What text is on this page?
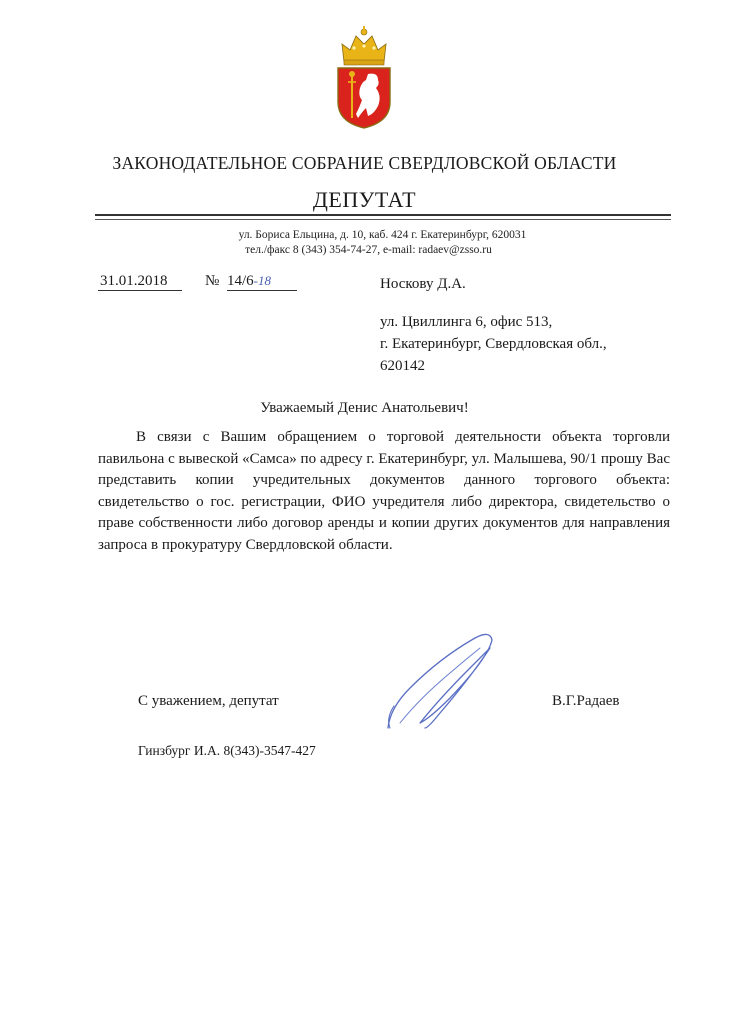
ЗАКОНОДАТЕЛЬНОЕ СОБРАНИЕ СВЕРДЛОВСКОЙ ОБЛАСТИ
ДЕПУТАТ
ул. Бориса Ельцина, д. 10, каб. 424 г. Екатеринбург, 620031
тел./факс 8 (343) 354-74-27, e-mail: radaev@zsso.ru
31.01.2018	№ 14/6-18	Носкову Д.А.
ул. Цвиллинга 6, офис 513,
г. Екатеринбург, Свердловская обл.,
620142
Уважаемый Денис Анатольевич!

В связи с Вашим обращением о торговой деятельности объекта торговли павильона с вывеской «Самса» по адресу г. Екатеринбург, ул. Малышева, 90/1 прошу Вас представить копии учредительных документов данного торгового объекта: свидетельство о гос. регистрации, ФИО учредителя либо директора, свидетельство о праве собственности либо договор аренды и копии других документов для направления запроса в прокуратуру Свердловской области.

С уважением, депутат	В.Г.Радаев
Гинзбург И.А. 8(343)-3547-427
